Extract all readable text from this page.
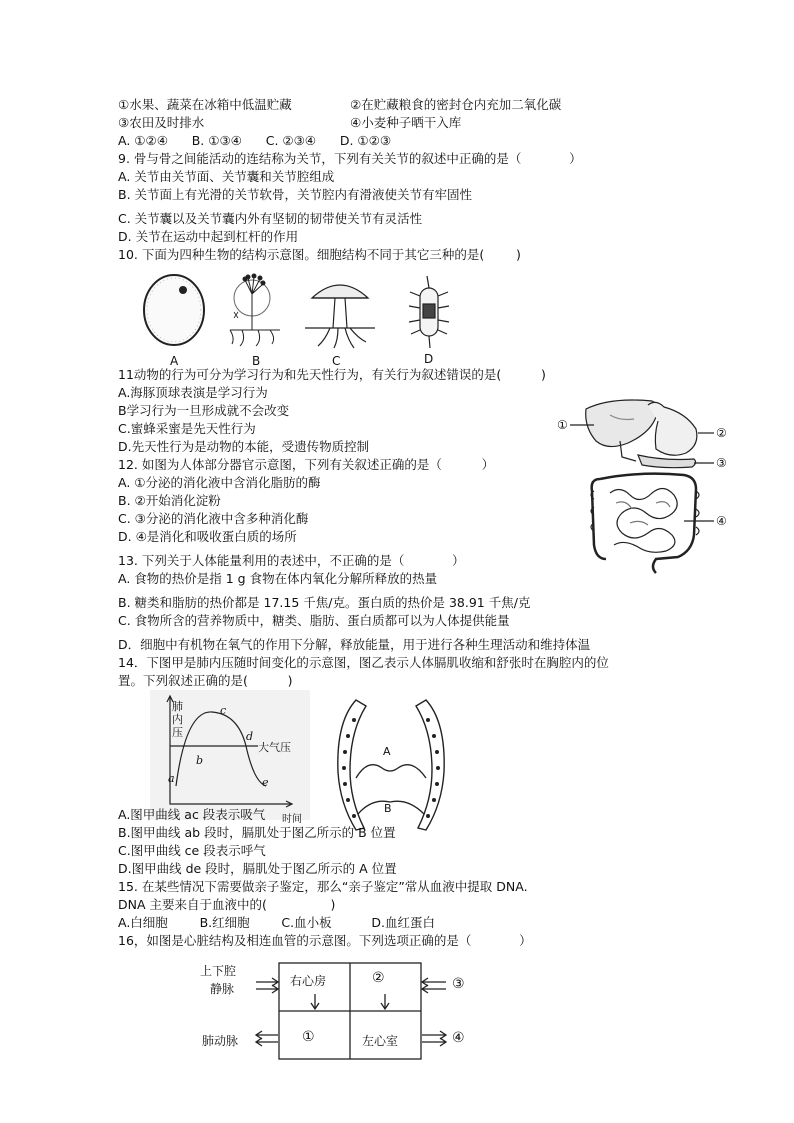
①水果、蔬菜在冰箱中低温贮藏	②在贮藏粮食的密封仓内充加二氧化碳
③农田及时排水	④小麦种子晒干入库
A. ①②④      B. ①③④      C. ②③④      D. ①②③
9. 骨与骨之间能活动的连结称为关节，下列有关关节的叙述中正确的是（            ）
A. 关节由关节面、关节囊和关节腔组成
B. 关节面上有光滑的关节软骨，关节腔内有滑液使关节有牢固性
C. 关节囊以及关节囊内外有坚韧的韧带使关节有灵活性
D. 关节在运动中起到杠杆的作用
10. 下面为四种生物的结构示意图。细胞结构不同于其它三种的是(        )
A	B	C	D
11动物的行为可分为学习行为和先天性行为，有关行为叙述错误的是(          )
A.海豚顶球表演是学习行为
B学习行为一旦形成就不会改变
C.蜜蜂采蜜是先天性行为
D.先天性行为是动物的本能，受遗传物质控制
①
②
③
④
12. 如图为人体部分器官示意图，下列有关叙述正确的是（          ）
A. ①分泌的消化液中含消化脂肪的酶
B. ②开始消化淀粉
C. ③分泌的消化液中含多种消化酶
D. ④是消化和吸收蛋白质的场所
13. 下列关于人体能量利用的表述中，不正确的是（            ）
A. 食物的热价是指 1 g 食物在体内氧化分解所释放的热量
B. 糖类和脂肪的热价都是 17.15 千焦/克。蛋白质的热价是 38.91 千焦/克
C. 食物所含的营养物质中，糖类、脂肪、蛋白质都可以为人体提供能量
D．细胞中有机物在氧气的作用下分解，释放能量，用于进行各种生理活动和维持体温
14．下图甲是肺内压随时间变化的示意图，图乙表示人体膈肌收缩和舒张时在胸腔内的位
置。下列叙述正确的是(          )
肺内压
时间
大气压
a
b
c
d
e
A
B
A.图甲曲线 ac 段表示吸气
B.图甲曲线 ab 段时，膈肌处于图乙所示的 B 位置
C.图甲曲线 ce 段表示呼气
D.图甲曲线 de 段时，膈肌处于图乙所示的 A 位置
15. 在某些情况下需要做亲子鉴定，那么“亲子鉴定”常从血液中提取 DNA.
DNA 主要来自于血液中的(                )
A.白细胞        B.红细胞        C.血小板          D.血红蛋白
16，如图是心脏结构及相连血管的示意图。下列选项正确的是（            ）
上下腔
静脉
肺动脉
右心房	②	③
①	左心室	④
